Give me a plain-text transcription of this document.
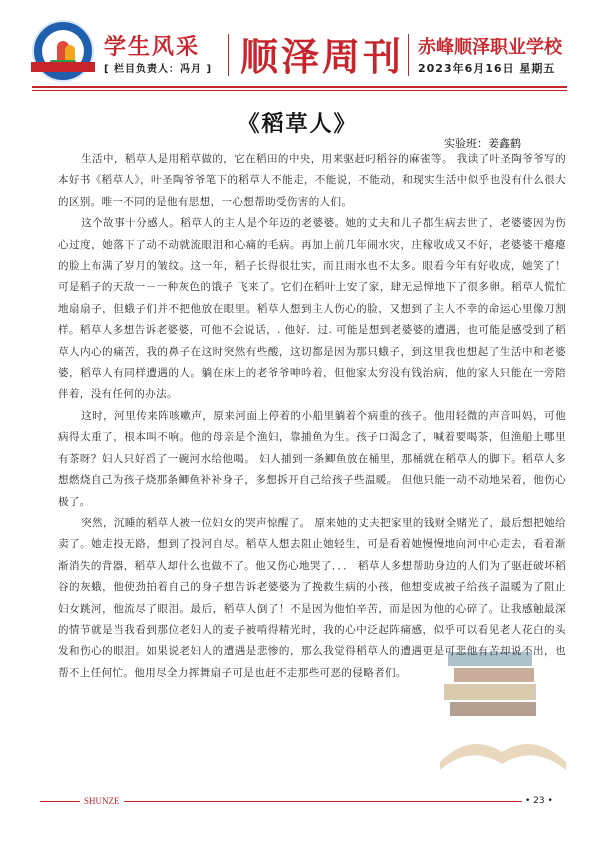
学生风采
[ 栏目负责人：冯月 ] 顺泽周刊 赤峰顺泽职业学校
2023年6月16日 星期五
《稻草人》
实验班：姜鑫鹤

生活中，稻草人是用稻草做的，它在稻田的中央，用来驱赶叼稻谷的麻雀等。 我读了叶圣陶爷爷写的本好书《稻草人》，叶圣陶爷爷笔下的稻草人不能走，不能说，不能动，和现实生活中似乎也没有什么很大的区别。唯一不同的是他有思想，一心想帮助受伤害的人们。

这个故事十分感人。稻草人的主人是个年迈的老婆婆。她的丈夫和儿子都生病去世了，老婆婆因为伤心过度，她落下了动不动就流眼泪和心痛的毛病。再加上前几年闹水灾，庄稼收成又不好，老婆婆干瘪瘪的脸上布满了岁月的皱纹。这一年，稻子长得很壮实，而且雨水也不太多。眼看今年有好收成，她笑了！可是稻子的天敌一－一种灰色的饿子 飞来了。它们在稻叶上安了家，肆无忌惮地下了很多卵。稻草人慌忙地扇扇子，但蛾子们并不把他放在眼里。稻草人想到主人伤心的脸，又想到了主人不幸的命运心里像刀割样。稻草人多想告诉老婆婆，可他不会说话，. 他好．过. 可能是想到老婆婆的遭遇，也可能是感受到了稻草人内心的痛苦，我的鼻子在这时突然有些酸，这切都是因为那只蛾子，到这里我也想起了生活中和老婆婆，稻草人有同样遭遇的人。躺在床上的老爷爷呻吟着，但他家太穷没有钱治病，他的家人只能在一旁陪伴着，没有任何的办法。

这时，河里传来阵咳嗽声，原来河面上停着的小船里躺着个病重的孩子。他用轻微的声音叫妈，可他病得太重了，根本叫不响。他的母亲是个渔妇，靠捕鱼为生。孩子口渴念了，喊着要喝茶，但渔船上哪里有茶呀？妇人只好舀了一碗河水给他喝。 妇人捕到一条鲫鱼放在桶里，那桶就在稻草人的脚下。稻草人多想燃烧自己为孩子烧那条鲫鱼补补身子，多想拆开自己给孩子些温暖。 但他只能一动不动地呆着，他伤心极了。

突然，沉睡的稻草人被一位妇女的哭声惊醒了。 原来她的丈夫把家里的钱财全赌光了，最后想把她给卖了。她走投无路，想到了投河自尽。稻草人想去阻止她轻生，可是看着她慢慢地向河中心走去，看着渐渐消失的背器，稻草人却什么也做不了。他又伤心地哭了．．． 稻草人多想帮助身边的人们为了驱赶破坏稻谷的灰蛾，他使劲拍着自己的身子想告诉老婆婆为了挽救生病的小孩，他想变成被子给孩子温暖为了阻止妇女跳河，他流尽了眼泪。最后，稻草人倒了！不是因为他怕辛苦，而是因为他的心碎了。让我感触最深的情节就是当我看到那位老妇人的麦子被啃得精光时，我的心中泛起阵痛感，似乎可以看见老人花白的头发和伤心的眼泪。如果说老妇人的遭遇是悲惨的，那么我觉得稻草人的遭遇更是可悲他有苦却说不出，也帮不上任何忙。他用尽全力挥舞扇子可是也赶不走那些可恶的侵略者们。

SHUNZE	• 23 •
